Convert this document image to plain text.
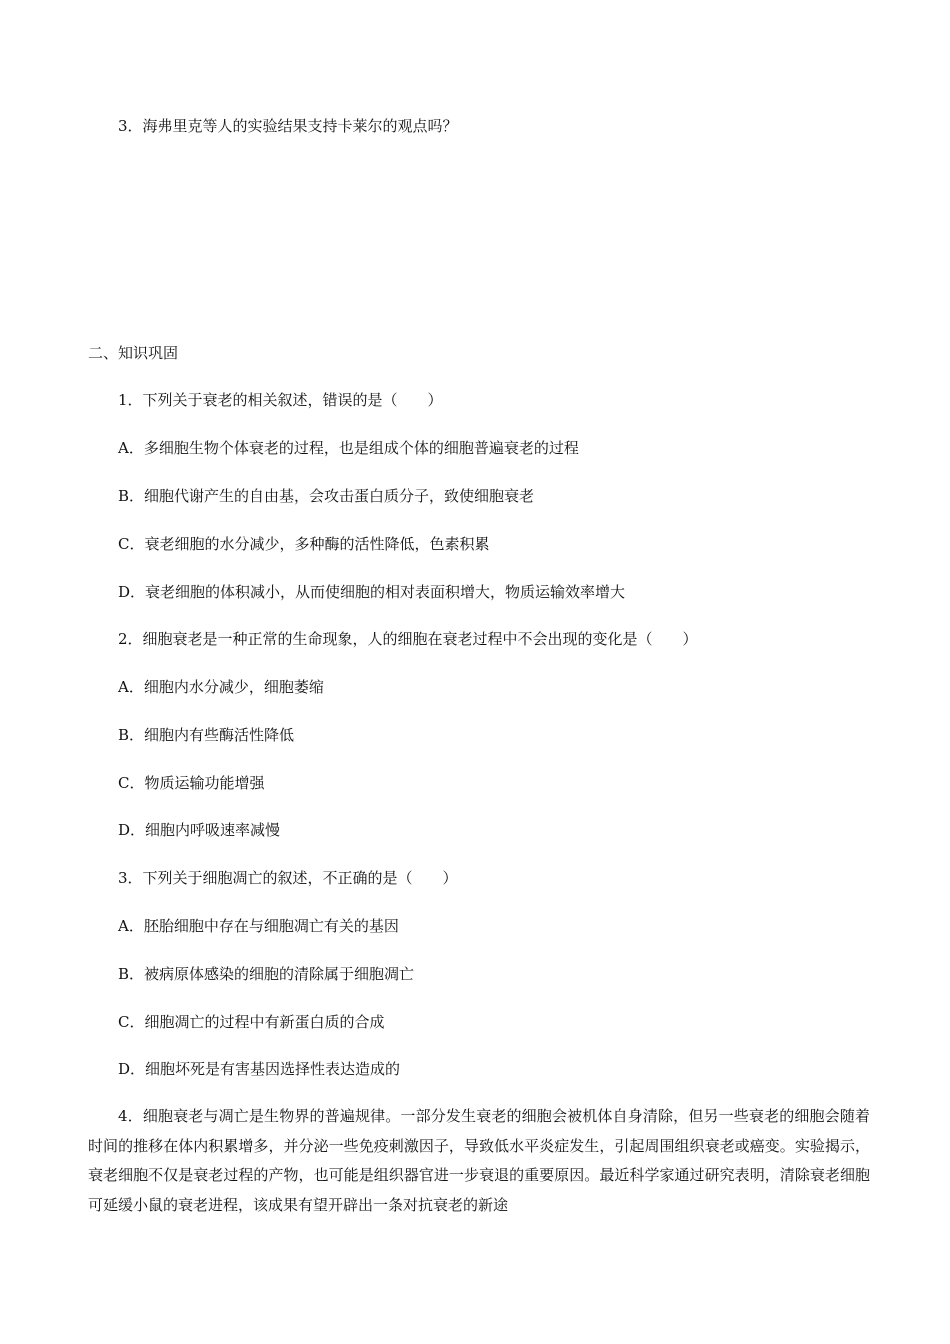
3．海弗里克等人的实验结果支持卡莱尔的观点吗？
二、知识巩固
1．下列关于衰老的相关叙述，错误的是（　　）
A．多细胞生物个体衰老的过程，也是组成个体的细胞普遍衰老的过程
B．细胞代谢产生的自由基，会攻击蛋白质分子，致使细胞衰老
C．衰老细胞的水分减少，多种酶的活性降低，色素积累
D．衰老细胞的体积减小，从而使细胞的相对表面积增大，物质运输效率增大
2．细胞衰老是一种正常的生命现象，人的细胞在衰老过程中不会出现的变化是（　　）
A．细胞内水分减少，细胞萎缩
B．细胞内有些酶活性降低
C．物质运输功能增强
D．细胞内呼吸速率减慢
3．下列关于细胞凋亡的叙述，不正确的是（　　）
A．胚胎细胞中存在与细胞凋亡有关的基因
B．被病原体感染的细胞的清除属于细胞凋亡
C．细胞凋亡的过程中有新蛋白质的合成
D．细胞坏死是有害基因选择性表达造成的
4．细胞衰老与凋亡是生物界的普遍规律。一部分发生衰老的细胞会被机体自身清除，但另一些衰老的细胞会随着时间的推移在体内积累增多，并分泌一些免疫刺激因子，导致低水平炎症发生，引起周围组织衰老或癌变。实验揭示，衰老细胞不仅是衰老过程的产物，也可能是组织器官进一步衰退的重要原因。最近科学家通过研究表明，清除衰老细胞可延缓小鼠的衰老进程，该成果有望开辟出一条对抗衰老的新途
